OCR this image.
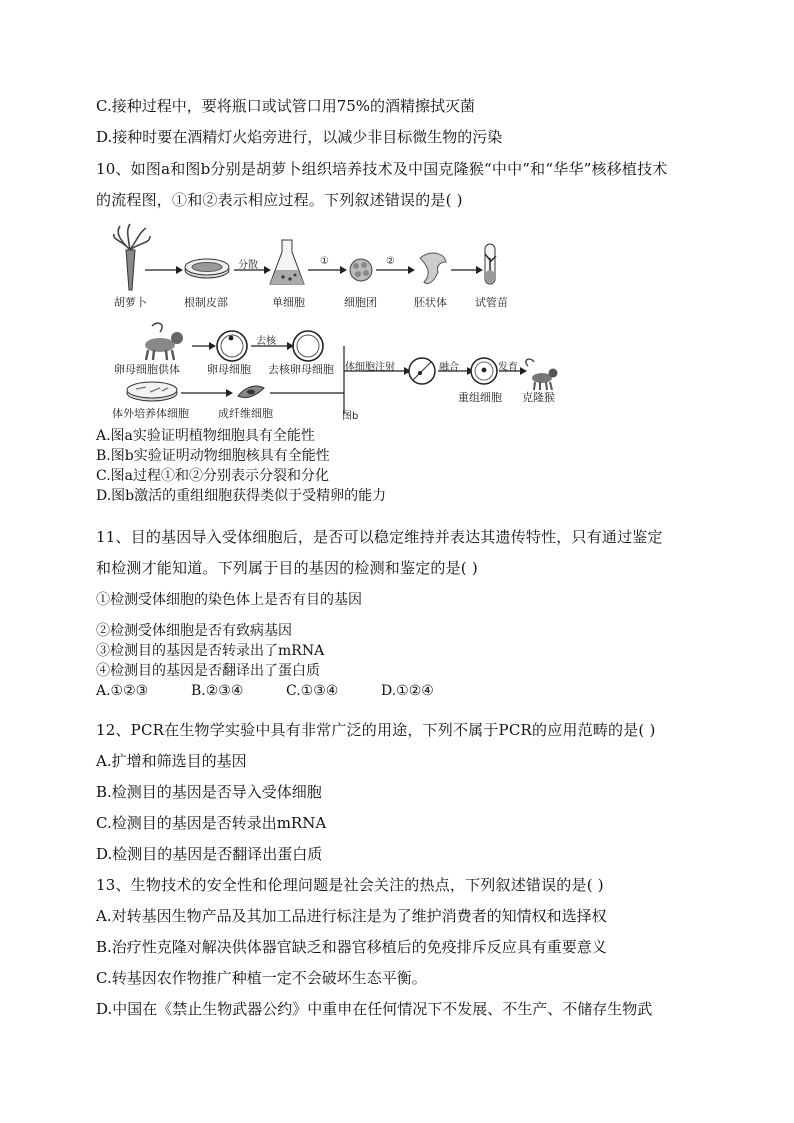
C.接种过程中，要将瓶口或试管口用75%的酒精擦拭灭菌
D.接种时要在酒精灯火焰旁进行，以减少非目标微生物的污染
10、如图a和图b分别是胡萝卜组织培养技术及中国克隆猴“中中”和“华华”核移植技术
的流程图，①和②表示相应过程。下列叙述错误的是( )
胡萝卜	根制皮部	单细胞	细胞团	胚状体	试管苗
分散	①	②
卵母细胞供体 卵母细胞 去核卵母细胞
体外培养体细胞	成纤维细胞
重组细胞 克隆猴
去核
体细胞注射	融合	发育
图b
A.图a实验证明植物细胞具有全能性
B.图b实验证明动物细胞核具有全能性
C.图a过程①和②分别表示分裂和分化
D.图b激活的重组细胞获得类似于受精卵的能力
11、目的基因导入受体细胞后，是否可以稳定维持并表达其遗传特性，只有通过鉴定
和检测才能知道。下列属于目的基因的检测和鉴定的是( )
①检测受体细胞的染色体上是否有目的基因
②检测受体细胞是否有致病基因
③检测目的基因是否转录出了mRNA
④检测目的基因是否翻译出了蛋白质
A.①②③	B.②③④	C.①③④	D.①②④
12、PCR在生物学实验中具有非常广泛的用途，下列不属于PCR的应用范畴的是( )
A.扩增和筛选目的基因
B.检测目的基因是否导入受体细胞
C.检测目的基因是否转录出mRNA
D.检测目的基因是否翻译出蛋白质
13、生物技术的安全性和伦理问题是社会关注的热点，下列叙述错误的是( )
A.对转基因生物产品及其加工品进行标注是为了维护消费者的知情权和选择权
B.治疗性克隆对解决供体器官缺乏和器官移植后的免疫排斥反应具有重要意义
C.转基因农作物推广种植一定不会破坏生态平衡。
D.中国在《禁止生物武器公约》中重申在任何情况下不发展、不生产、不储存生物武
